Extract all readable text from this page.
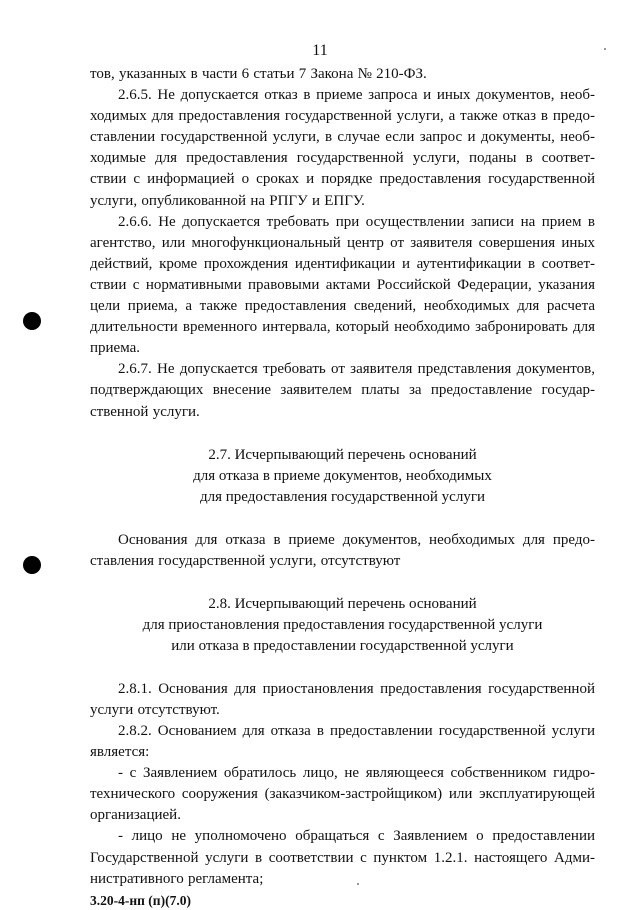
11

тов, указанных в части 6 статьи 7 Закона № 210-ФЗ.

2.6.5. Не допускается отказ в приеме запроса и иных документов, необ-

ходимых для предоставления государственной услуги, а также отказ в предо-

ставлении государственной услуги, в случае если запрос и документы, необ-

ходимые для предоставления государственной услуги, поданы в соответ-

ствии с информацией о сроках и порядке предоставления государственной

услуги, опубликованной на РПГУ и ЕПГУ.

2.6.6. Не допускается требовать при осуществлении записи на прием в

агентство, или многофункциональный центр от заявителя совершения иных

действий, кроме прохождения идентификации и аутентификации в соответ-

ствии с нормативными правовыми актами Российской Федерации, указания

цели приема, а также предоставления сведений, необходимых для расчета

длительности временного интервала, который необходимо забронировать для

приема.

2.6.7. Не допускается требовать от заявителя представления документов,

подтверждающих внесение заявителем платы за предоставление государ-

ственной услуги.

2.7. Исчерпывающий перечень оснований

для отказа в приеме документов, необходимых

для предоставления государственной услуги

Основания для отказа в приеме документов, необходимых для предо-

ставления государственной услуги, отсутствуют

2.8. Исчерпывающий перечень оснований

для приостановления предоставления государственной услуги

или отказа в предоставлении государственной услуги

2.8.1. Основания для приостановления предоставления государственной

услуги отсутствуют.

2.8.2. Основанием для отказа в предоставлении государственной услуги

является:

- с Заявлением обратилось лицо, не являющееся собственником гидро-

технического сооружения (заказчиком-застройщиком) или эксплуатирующей

организацией.

- лицо не уполномочено обращаться с Заявлением о предоставлении

Государственной услуги в соответствии с пунктом 1.2.1. настоящего Адми-

нистративного регламента;

3.20-4-нп (п)(7.0)
